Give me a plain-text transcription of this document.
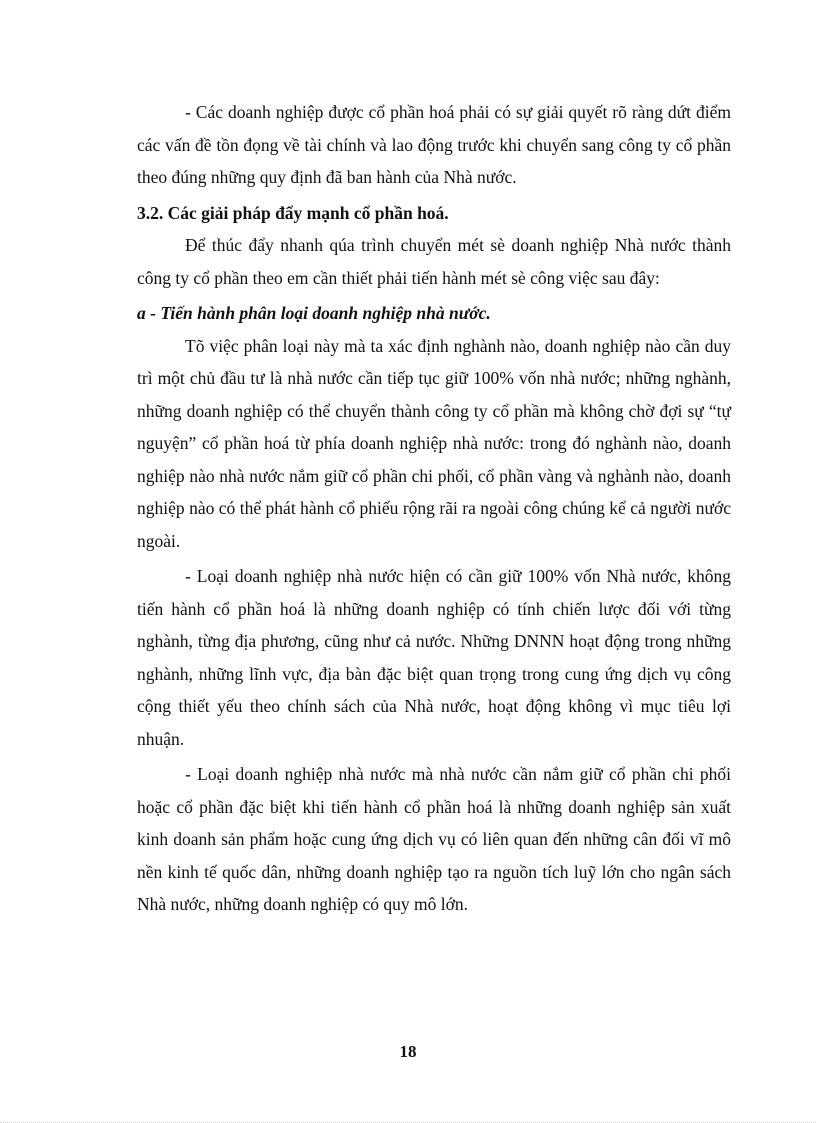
- Các doanh nghiệp được cổ phần hoá phải có sự giải quyết rõ ràng dứt điểm các vấn đề tồn đọng về tài chính và lao động trước khi chuyển sang công ty cổ phần theo đúng những quy định đã ban hành của Nhà nước.

3.2. Các giải pháp đẩy mạnh cổ phần hoá.

Để thúc đẩy nhanh qúa trình chuyển mét sè doanh nghiệp Nhà nước thành công ty cổ phần theo em cần thiết phải tiến hành mét sè công việc sau đây:

a - Tiến hành phân loại doanh nghiệp nhà nước.

Tõ việc phân loại này mà ta xác định nghành nào, doanh nghiệp nào cần duy trì một chủ đầu tư là nhà nước cần tiếp tục giữ 100% vốn nhà nước; những nghành, những doanh nghiệp có thể chuyển thành công ty cổ phần mà không chờ đợi sự “tự nguyện” cổ phần hoá từ phía doanh nghiệp nhà nước: trong đó nghành nào, doanh nghiệp nào nhà nước nắm giữ cổ phần chi phối, cổ phần vàng và nghành nào, doanh nghiệp nào có thể phát hành cổ phiếu rộng rãi ra ngoài công chúng kể cả người nước ngoài.

- Loại doanh nghiệp nhà nước hiện có cần giữ 100% vốn Nhà nước, không tiến hành cổ phần hoá là những doanh nghiệp có tính chiến lược đối với từng nghành, từng địa phương, cũng như cả nước. Những DNNN hoạt động trong những nghành, những lĩnh vực, địa bàn đặc biệt quan trọng trong cung ứng dịch vụ công cộng thiết yếu theo chính sách của Nhà nước, hoạt động không vì mục tiêu lợi nhuận.

- Loại doanh nghiệp nhà nước mà nhà nước cần nắm giữ cổ phần chi phối hoặc cổ phần đặc biệt khi tiến hành cổ phần hoá là những doanh nghiệp sản xuất kinh doanh sản phẩm hoặc cung ứng dịch vụ có liên quan đến những cân đối vĩ mô nền kinh tế quốc dân, những doanh nghiệp tạo ra nguồn tích luỹ lớn cho ngân sách Nhà nước, những doanh nghiệp có quy mô lớn.

18
